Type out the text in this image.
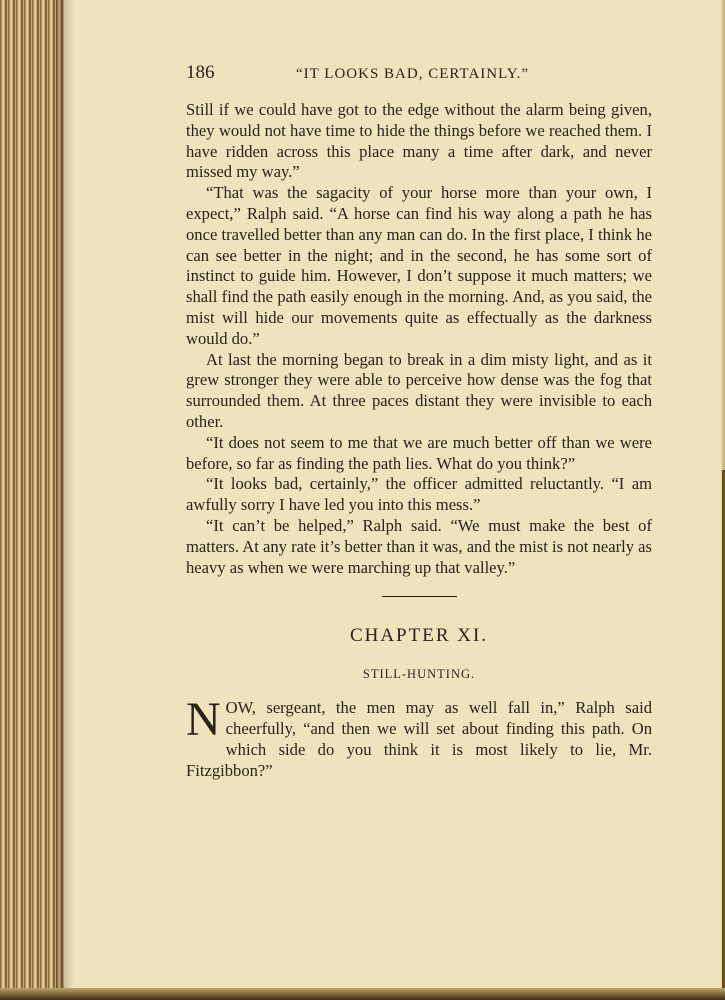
186	“IT LOOKS BAD, CERTAINLY.”

Still if we could have got to the edge without the alarm being given, they would not have time to hide the things before we reached them. I have ridden across this place many a time after dark, and never missed my way.”

“That was the sagacity of your horse more than your own, I expect,” Ralph said. “A horse can find his way along a path he has once travelled better than any man can do. In the first place, I think he can see better in the night; and in the second, he has some sort of instinct to guide him. However, I don’t suppose it much matters; we shall find the path easily enough in the morning. And, as you said, the mist will hide our movements quite as effectually as the darkness would do.”

At last the morning began to break in a dim misty light, and as it grew stronger they were able to perceive how dense was the fog that surrounded them. At three paces distant they were invisible to each other.

“It does not seem to me that we are much better off than we were before, so far as finding the path lies. What do you think?”

“It looks bad, certainly,” the officer admitted reluctantly. “I am awfully sorry I have led you into this mess.”

“It can’t be helped,” Ralph said. “We must make the best of matters. At any rate it’s better than it was, and the mist is not nearly as heavy as when we were marching up that valley.”

CHAPTER XI.

STILL-HUNTING.

NOW, sergeant, the men may as well fall in,” Ralph said cheerfully, “and then we will set about finding this path. On which side do you think it is most likely to lie, Mr. Fitzgibbon?”
